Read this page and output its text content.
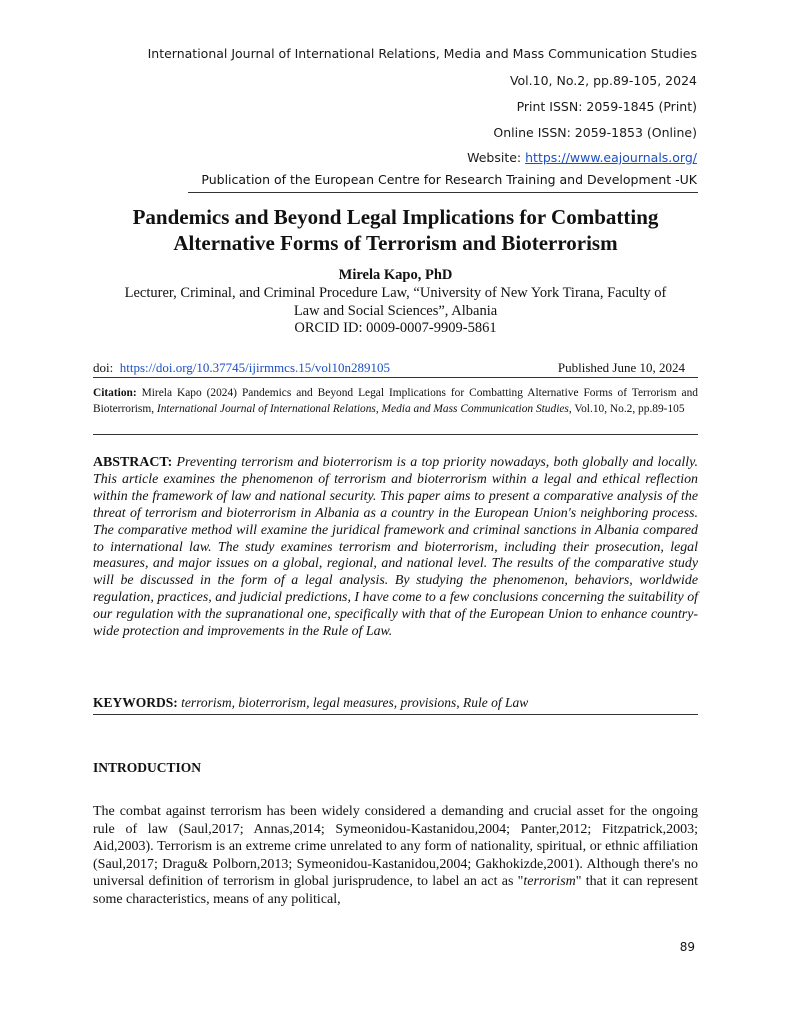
International Journal of International Relations, Media and Mass Communication Studies
Vol.10, No.2, pp.89-105, 2024
Print ISSN: 2059-1845 (Print)
Online ISSN: 2059-1853 (Online)
Website: https://www.eajournals.org/
Publication of the European Centre for Research Training and Development -UK
Pandemics and Beyond Legal Implications for Combatting
Alternative Forms of Terrorism and Bioterrorism
Mirela Kapo, PhD
Lecturer, Criminal, and Criminal Procedure Law, “University of New York Tirana, Faculty of
Law and Social Sciences”, Albania
ORCID ID: 0009-0007-9909-5861
doi: https://doi.org/10.37745/ijirmmcs.15/vol10n289105	Published June 10, 2024
Citation: Mirela Kapo (2024) Pandemics and Beyond Legal Implications for Combatting Alternative Forms of Terrorism and Bioterrorism, International Journal of International Relations, Media and Mass Communication Studies, Vol.10, No.2, pp.89-105
ABSTRACT: Preventing terrorism and bioterrorism is a top priority nowadays, both globally and locally. This article examines the phenomenon of terrorism and bioterrorism within a legal and ethical reflection within the framework of law and national security. This paper aims to present a comparative analysis of the threat of terrorism and bioterrorism in Albania as a country in the European Union's neighboring process. The comparative method will examine the juridical framework and criminal sanctions in Albania compared to international law. The study examines terrorism and bioterrorism, including their prosecution, legal measures, and major issues on a global, regional, and national level. The results of the comparative study will be discussed in the form of a legal analysis. By studying the phenomenon, behaviors, worldwide regulation, practices, and judicial predictions, I have come to a few conclusions concerning the suitability of our regulation with the supranational one, specifically with that of the European Union to enhance country-wide protection and improvements in the Rule of Law.
KEYWORDS: terrorism, bioterrorism, legal measures, provisions, Rule of Law
INTRODUCTION
The combat against terrorism has been widely considered a demanding and crucial asset for the ongoing rule of law (Saul,2017; Annas,2014; Symeonidou-Kastanidou,2004; Panter,2012; Fitzpatrick,2003; Aid,2003). Terrorism is an extreme crime unrelated to any form of nationality, spiritual, or ethnic affiliation (Saul,2017; Dragu& Polborn,2013; Symeonidou-Kastanidou,2004; Gakhokizde,2001). Although there's no universal definition of terrorism in global jurisprudence, to label an act as "terrorism" that it can represent some characteristics, means of any political,
89
